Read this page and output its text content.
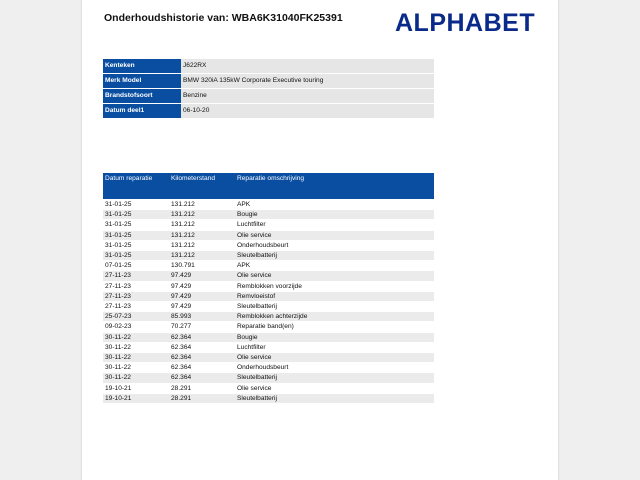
Onderhoudshistorie van: WBA6K31040FK25391 ALPHABET
Kenteken	J622RX
Merk Model	BMW 320iA 135kW Corporate Executive touring
Brandstofsoort	Benzine
Datum deel1	06-10-20
Datum reparatie	Kilometerstand	Reparatie omschrijving
31-01-25	131.212	APK
31-01-25	131.212	Bougie
31-01-25	131.212	Luchtfilter
31-01-25	131.212	Olie service
31-01-25	131.212	Onderhoudsbeurt
31-01-25	131.212	Sleutelbatterij
07-01-25	130.791	APK
27-11-23	97.429	Olie service
27-11-23	97.429	Remblokken voorzijde
27-11-23	97.429	Remvloeistof
27-11-23	97.429	Sleutelbatterij
25-07-23	85.993	Remblokken achterzijde
09-02-23	70.277	Reparatie band(en)
30-11-22	62.364	Bougie
30-11-22	62.364	Luchtfilter
30-11-22	62.364	Olie service
30-11-22	62.364	Onderhoudsbeurt
30-11-22	62.364	Sleutelbatterij
19-10-21	28.291	Olie service
19-10-21	28.291	Sleutelbatterij
